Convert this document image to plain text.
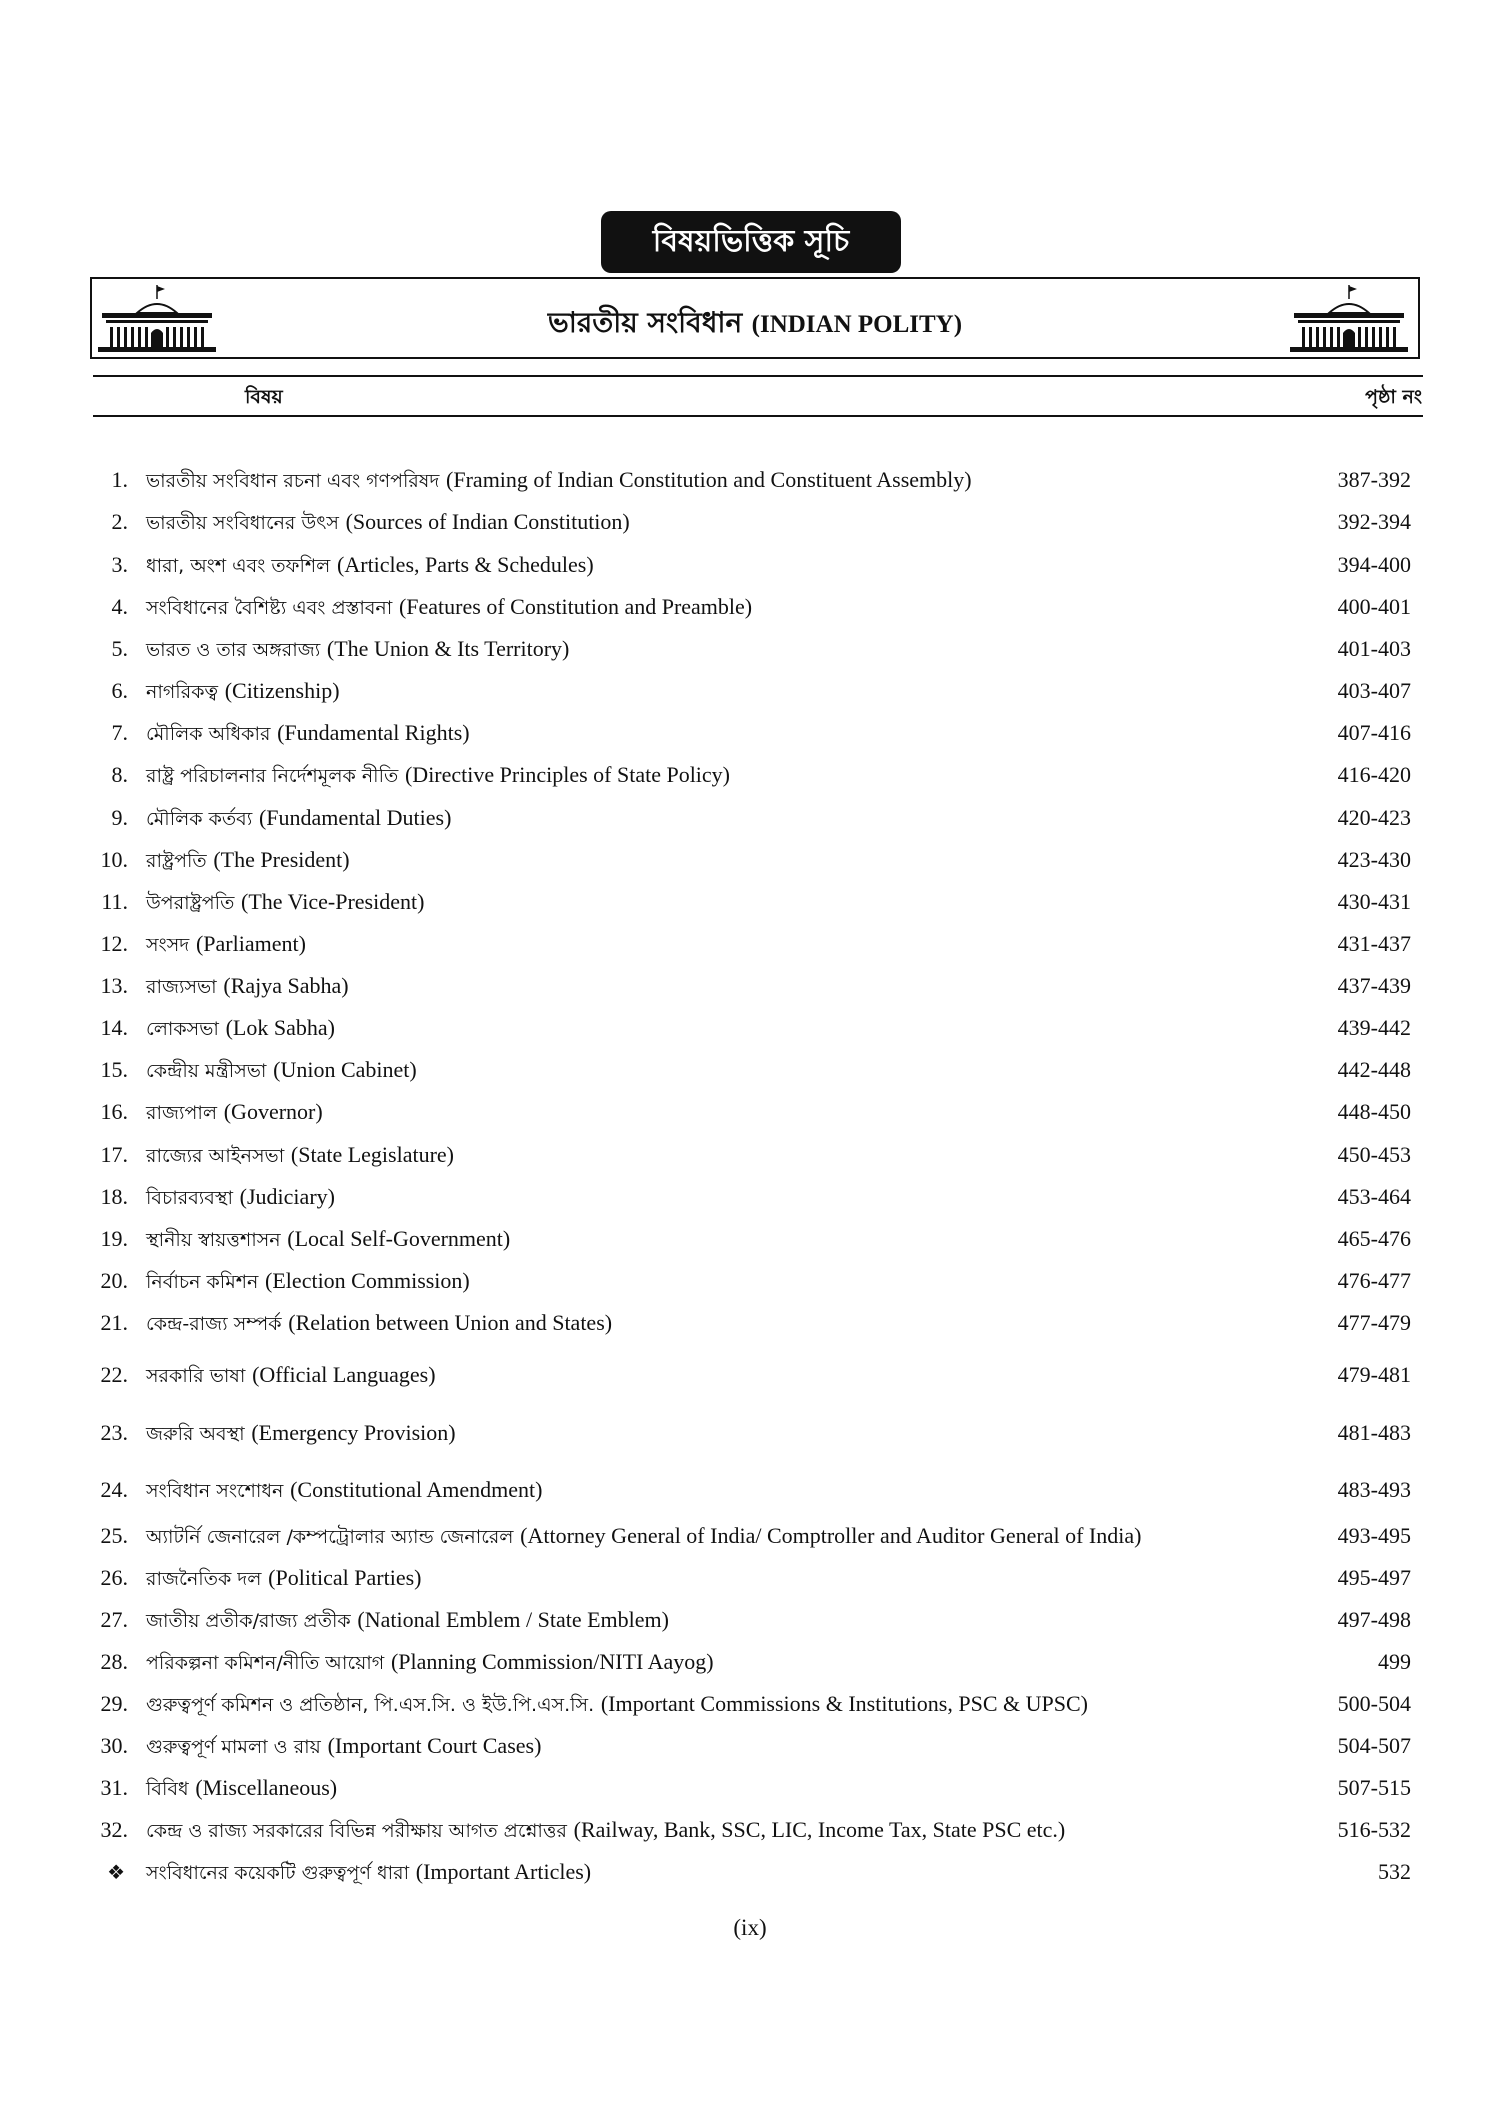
বিষয়ভিত্তিক সূচি
ভারতীয় সংবিধান (INDIAN POLITY)
বিষয়	পৃষ্ঠা নং
1. ভারতীয় সংবিধান রচনা এবং গণপরিষদ (Framing of Indian Constitution and Constituent Assembly)	387-392
2. ভারতীয় সংবিধানের উৎস (Sources of Indian Constitution)	392-394
3. ধারা, অংশ এবং তফশিল (Articles, Parts & Schedules)	394-400
4. সংবিধানের বৈশিষ্ট্য এবং প্রস্তাবনা (Features of Constitution and Preamble)	400-401
5. ভারত ও তার অঙ্গরাজ্য (The Union & Its Territory)	401-403
6. নাগরিকত্ব (Citizenship)	403-407
7. মৌলিক অধিকার (Fundamental Rights)	407-416
8. রাষ্ট্র পরিচালনার নির্দেশমূলক নীতি (Directive Principles of State Policy)	416-420
9. মৌলিক কর্তব্য (Fundamental Duties)	420-423
10. রাষ্ট্রপতি (The President)	423-430
11. উপরাষ্ট্রপতি (The Vice-President)	430-431
12. সংসদ (Parliament)	431-437
13. রাজ্যসভা (Rajya Sabha)	437-439
14. লোকসভা (Lok Sabha)	439-442
15. কেন্দ্রীয় মন্ত্রীসভা (Union Cabinet)	442-448
16. রাজ্যপাল (Governor)	448-450
17. রাজ্যের আইনসভা (State Legislature)	450-453
18. বিচারব্যবস্থা (Judiciary)	453-464
19. স্থানীয় স্বায়ত্তশাসন (Local Self-Government)	465-476
20. নির্বাচন কমিশন (Election Commission)	476-477
21. কেন্দ্র-রাজ্য সম্পর্ক (Relation between Union and States)	477-479
22. সরকারি ভাষা (Official Languages)	479-481
23. জরুরি অবস্থা (Emergency Provision)	481-483
24. সংবিধান সংশোধন (Constitutional Amendment)	483-493
25. অ্যাটর্নি জেনারেল /কম্পট্রোলার অ্যান্ড জেনারেল (Attorney General of India/ Comptroller and Auditor General of India)	493-495
26. রাজনৈতিক দল (Political Parties)	495-497
27. জাতীয় প্রতীক/রাজ্য প্রতীক (National Emblem / State Emblem)	497-498
28. পরিকল্পনা কমিশন/নীতি আয়োগ (Planning Commission/NITI Aayog)	499
29. গুরুত্বপূর্ণ কমিশন ও প্রতিষ্ঠান, পি.এস.সি. ও ইউ.পি.এস.সি. (Important Commissions & Institutions, PSC & UPSC)	500-504
30. গুরুত্বপূর্ণ মামলা ও রায় (Important Court Cases)	504-507
31. বিবিধ (Miscellaneous)	507-515
32. কেন্দ্র ও রাজ্য সরকারের বিভিন্ন পরীক্ষায় আগত প্রশ্নোত্তর (Railway, Bank, SSC, LIC, Income Tax, State PSC etc.)	516-532
❖ সংবিধানের কয়েকটি গুরুত্বপূর্ণ ধারা (Important Articles)	532
(ix)
